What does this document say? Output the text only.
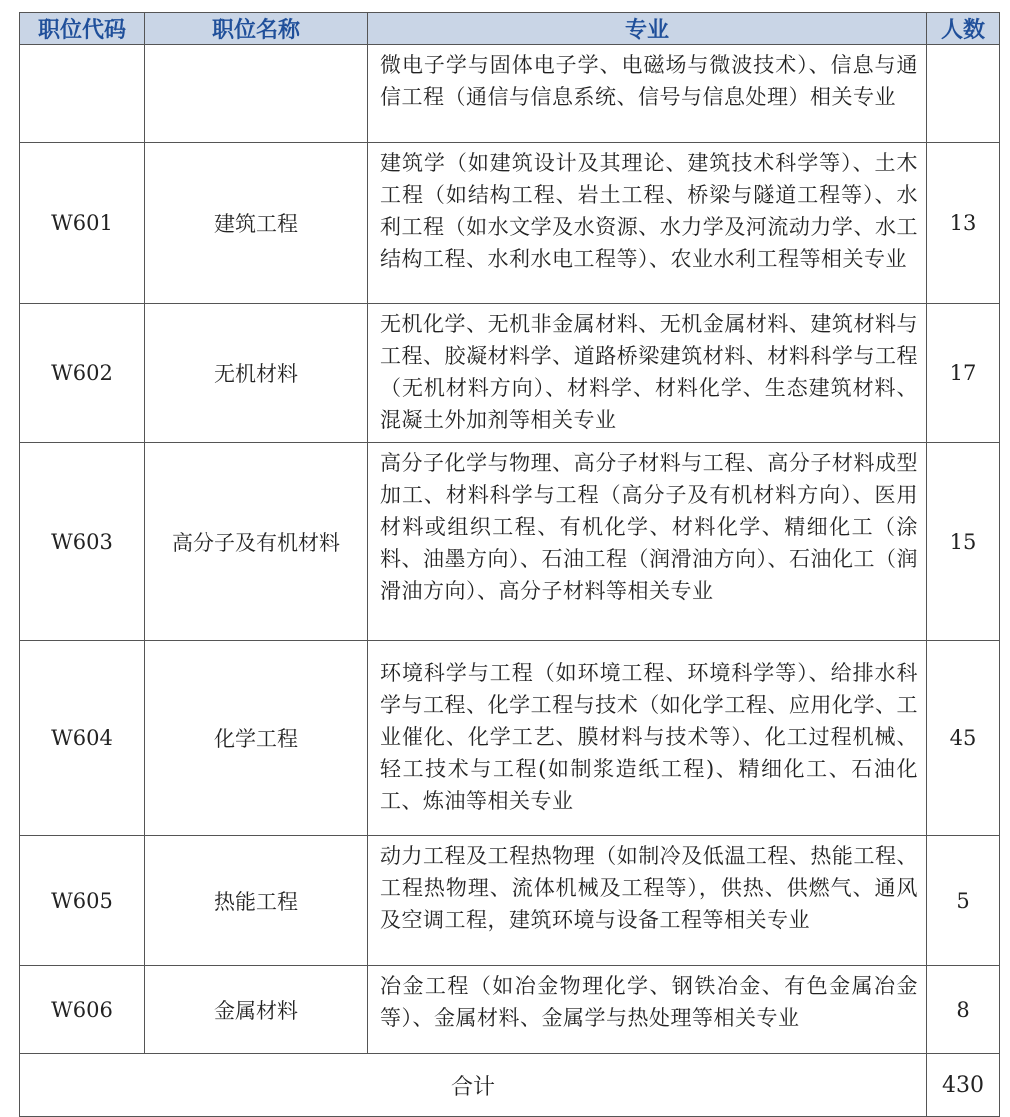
职位代码	职位名称	专业	人数
		微电子学与固体电子学、电磁场与微波技术）、信息与通信工程（通信与信息系统、信号与信息处理）相关专业	
W601	建筑工程	建筑学（如建筑设计及其理论、建筑技术科学等）、土木工程（如结构工程、岩土工程、桥梁与隧道工程等）、水利工程（如水文学及水资源、水力学及河流动力学、水工结构工程、水利水电工程等）、农业水利工程等相关专业	13
W602	无机材料	无机化学、无机非金属材料、无机金属材料、建筑材料与工程、胶凝材料学、道路桥梁建筑材料、材料科学与工程（无机材料方向）、材料学、材料化学、生态建筑材料、混凝土外加剂等相关专业	17
W603	高分子及有机材料	高分子化学与物理、高分子材料与工程、高分子材料成型加工、材料科学与工程（高分子及有机材料方向）、医用材料或组织工程、有机化学、材料化学、精细化工（涂料、油墨方向）、石油工程（润滑油方向）、石油化工（润滑油方向）、高分子材料等相关专业	15
W604	化学工程	环境科学与工程（如环境工程、环境科学等）、给排水科学与工程、化学工程与技术（如化学工程、应用化学、工业催化、化学工艺、膜材料与技术等）、化工过程机械、轻工技术与工程(如制浆造纸工程)、精细化工、石油化工、炼油等相关专业	45
W605	热能工程	动力工程及工程热物理（如制冷及低温工程、热能工程、工程热物理、流体机械及工程等），供热、供燃气、通风及空调工程，建筑环境与设备工程等相关专业	5
W606	金属材料	冶金工程（如冶金物理化学、钢铁冶金、有色金属冶金等）、金属材料、金属学与热处理等相关专业	8
合计			430
